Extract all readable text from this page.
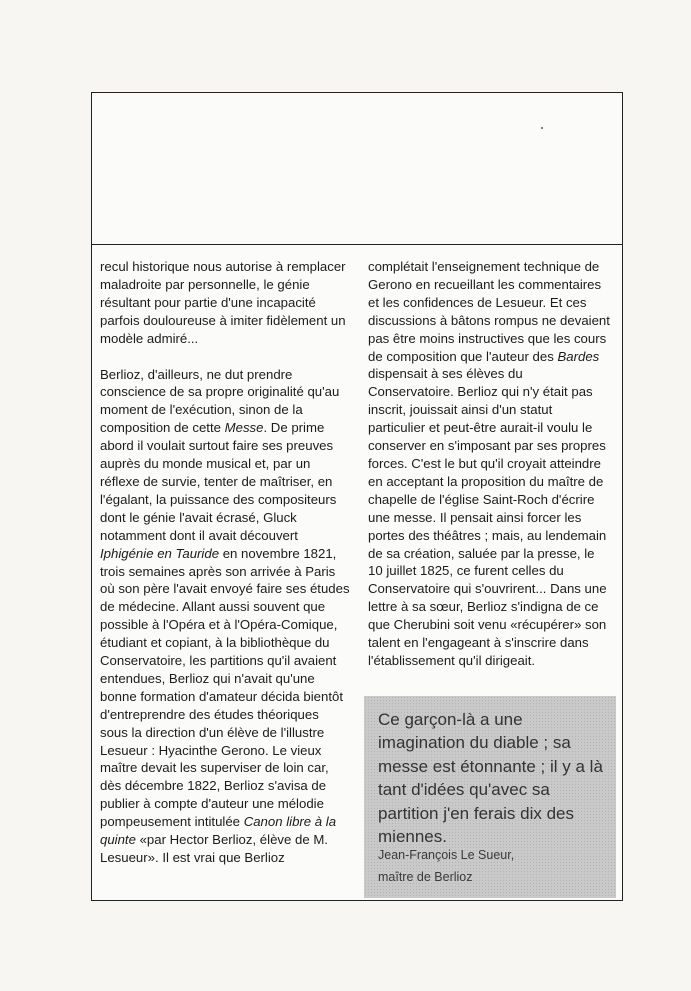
recul historique nous autorise à remplacer maladroite par personnelle, le génie résultant pour partie d'une incapacité parfois douloureuse à imiter fidèlement un modèle admiré...

Berlioz, d'ailleurs, ne dut prendre conscience de sa propre originalité qu'au moment de l'exécution, sinon de la composition de cette Messe. De prime abord il voulait surtout faire ses preuves auprès du monde musical et, par un réflexe de survie, tenter de maîtriser, en l'égalant, la puissance des compositeurs dont le génie l'avait écrasé, Gluck notamment dont il avait découvert Iphigénie en Tauride en novembre 1821, trois semaines après son arrivée à Paris où son père l'avait envoyé faire ses études de médecine. Allant aussi souvent que possible à l'Opéra et à l'Opéra-Comique, étudiant et copiant, à la bibliothèque du Conservatoire, les partitions qu'il avaient entendues, Berlioz qui n'avait qu'une bonne formation d'amateur décida bientôt d'entreprendre des études théoriques sous la direction d'un élève de l'illustre Lesueur : Hyacinthe Gerono. Le vieux maître devait les superviser de loin car, dès décembre 1822, Berlioz s'avisa de publier à compte d'auteur une mélodie pompeusement intitulée Canon libre à la quinte «par Hector Berlioz, élève de M. Lesueur». Il est vrai que Berlioz

complétait l'enseignement technique de Gerono en recueillant les commentaires et les confidences de Lesueur. Et ces discussions à bâtons rompus ne devaient pas être moins instructives que les cours de composition que l'auteur des Bardes dispensait à ses élèves du Conservatoire. Berlioz qui n'y était pas inscrit, jouissait ainsi d'un statut particulier et peut-être aurait-il voulu le conserver en s'imposant par ses propres forces. C'est le but qu'il croyait atteindre en acceptant la proposition du maître de chapelle de l'église Saint-Roch d'écrire une messe. Il pensait ainsi forcer les portes des théâtres ; mais, au lendemain de sa création, saluée par la presse, le 10 juillet 1825, ce furent celles du Conservatoire qui s'ouvrirent... Dans une lettre à sa sœur, Berlioz s'indigna de ce que Cherubini soit venu «récupérer» son talent en l'engageant à s'inscrire dans l'établissement qu'il dirigeait.

Ce garçon-là a une imagination du diable ; sa messe est étonnante ; il y a là tant d'idées qu'avec sa partition j'en ferais dix des miennes.
Jean-François Le Sueur,
maître de Berlioz
